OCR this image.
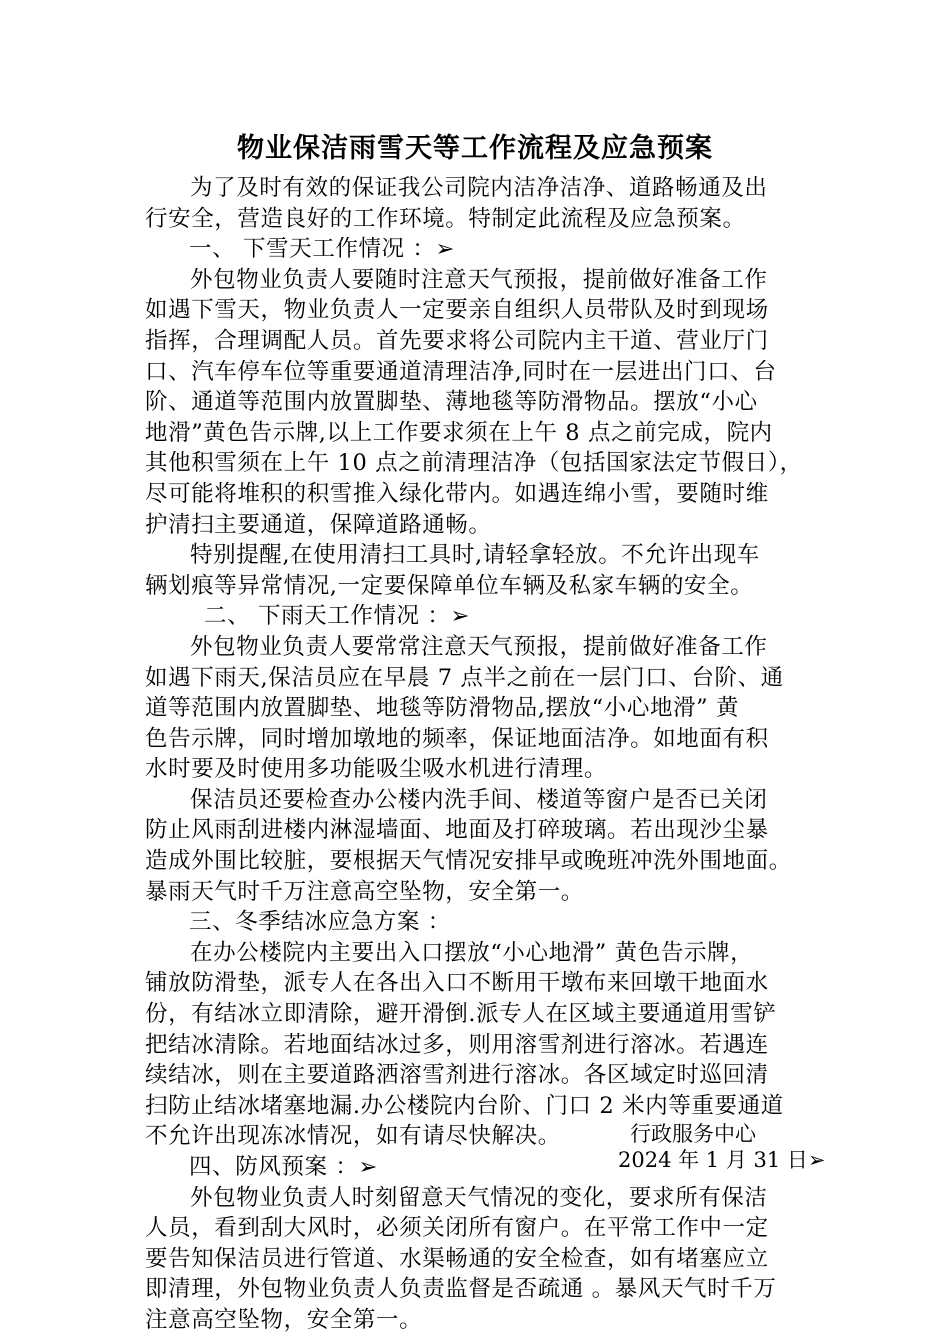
物业保洁雨雪天等工作流程及应急预案
为了及时有效的保证我公司院内洁净洁净、道路畅通及出
行安全，营造良好的工作环境。特制定此流程及应急预案。
一、 下雪天工作情况 ：➢
外包物业负责人要随时注意天气预报，提前做好准备工作
如遇下雪天，物业负责人一定要亲自组织人员带队及时到现场
指挥，合理调配人员。首先要求将公司院内主干道、营业厅门
口、汽车停车位等重要通道清理洁净,同时在一层进出门口、台
阶、通道等范围内放置脚垫、薄地毯等防滑物品。摆放“小心
地滑”黄色告示牌,以上工作要求须在上午 8 点之前完成，院内
其他积雪须在上午 10 点之前清理洁净（包括国家法定节假日），
尽可能将堆积的积雪推入绿化带内。如遇连绵小雪，要随时维
护清扫主要通道，保障道路通畅。
特别提醒,在使用清扫工具时,请轻拿轻放。不允许出现车
辆划痕等异常情况,一定要保障单位车辆及私家车辆的安全。
二、 下雨天工作情况 ：➢
外包物业负责人要常常注意天气预报，提前做好准备工作
如遇下雨天,保洁员应在早晨 7 点半之前在一层门口、台阶、通
道等范围内放置脚垫、地毯等防滑物品,摆放“小心地滑” 黄
色告示牌，同时增加墩地的频率，保证地面洁净。如地面有积
水时要及时使用多功能吸尘吸水机进行清理。
保洁员还要检查办公楼内洗手间、楼道等窗户是否已关闭
防止风雨刮进楼内淋湿墙面、地面及打碎玻璃。若出现沙尘暴
造成外围比较脏，要根据天气情况安排早或晚班冲洗外围地面。
暴雨天气时千万注意高空坠物，安全第一。
三、冬季结冰应急方案 ：
在办公楼院内主要出入口摆放“小心地滑” 黄色告示牌，
铺放防滑垫，派专人在各出入口不断用干墩布来回墩干地面水
份，有结冰立即清除，避开滑倒.派专人在区域主要通道用雪铲
把结冰清除。若地面结冰过多，则用溶雪剂进行溶冰。若遇连
续结冰，则在主要道路洒溶雪剂进行溶冰。各区域定时巡回清
扫防止结冰堵塞地漏.办公楼院内台阶、门口 2 米内等重要通道
不允许出现冻冰情况，如有请尽快解决。
四、防风预案 ：➢
外包物业负责人时刻留意天气情况的变化，要求所有保洁
人员，看到刮大风时，必须关闭所有窗户。在平常工作中一定
要告知保洁员进行管道、水渠畅通的安全检查，如有堵塞应立
即清理，外包物业负责人负责监督是否疏通 。暴风天气时千万
注意高空坠物，安全第一。
行政服务中心
2024 年 1 月 31 日➢
